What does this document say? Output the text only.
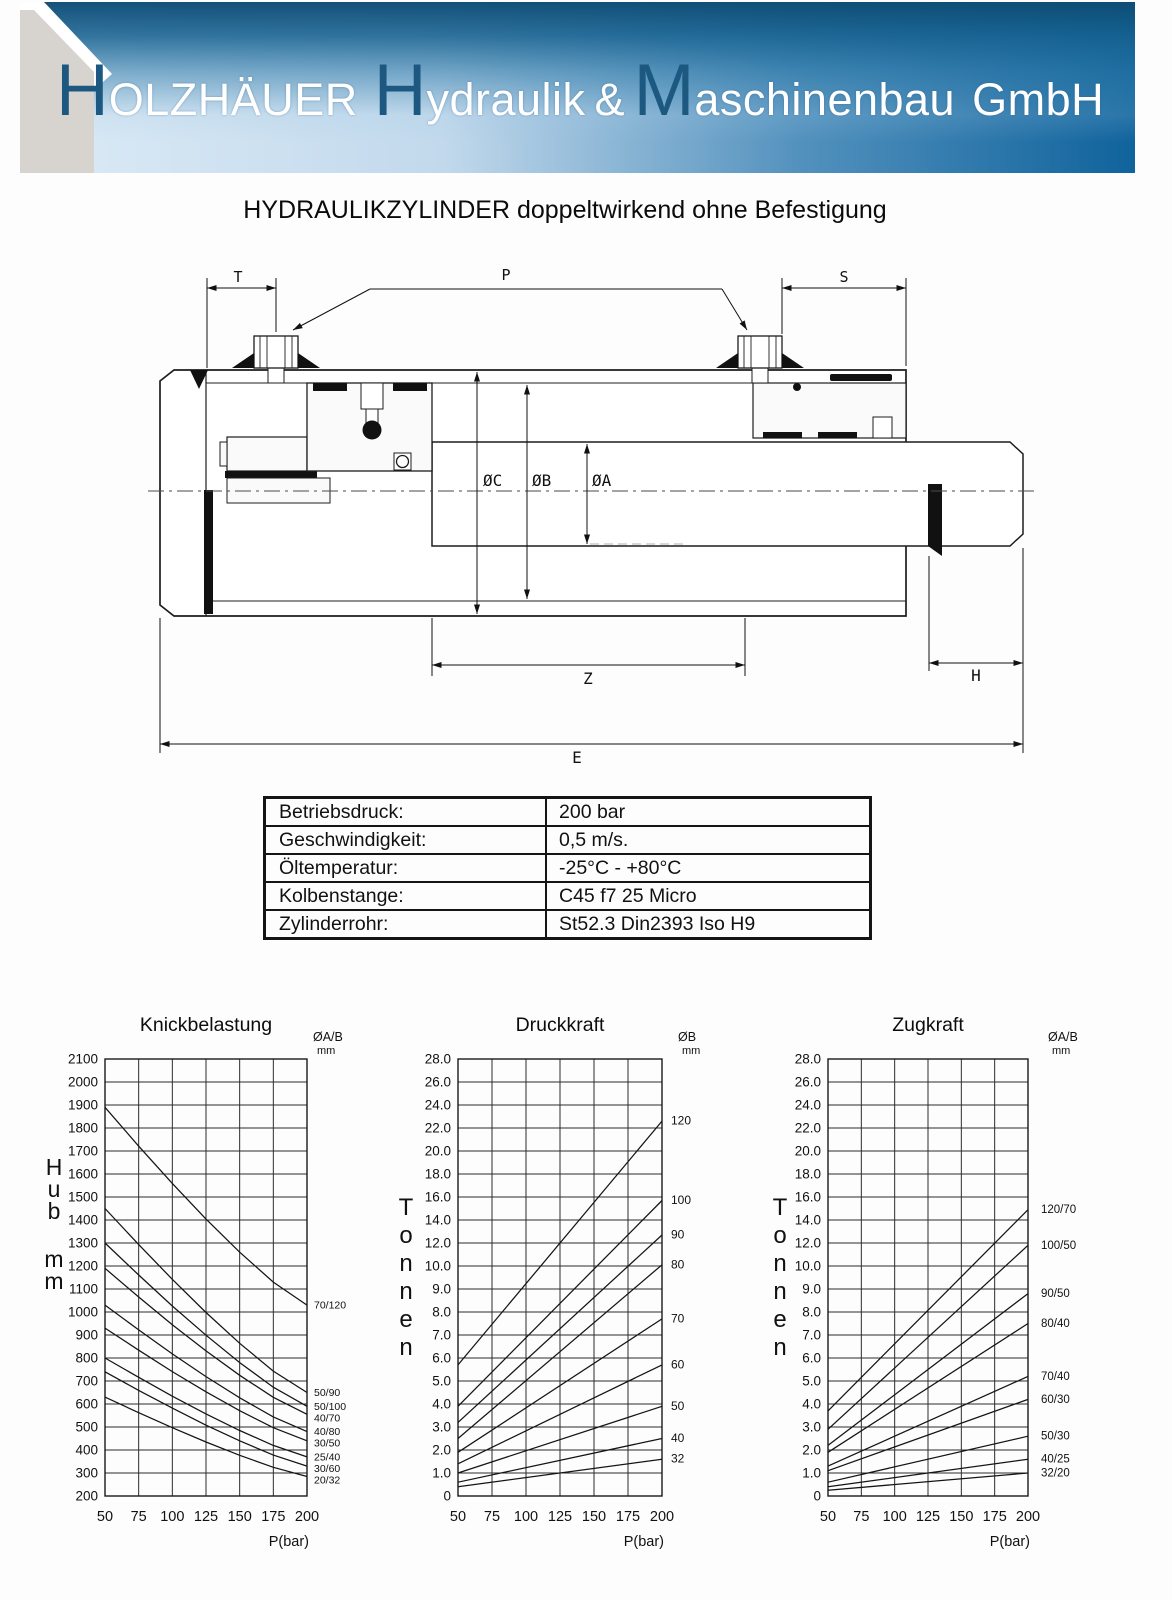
H OLZHÄUER H ydraulik & M aschinenbau GmbH
HYDRAULIKZYLINDER doppeltwirkend ohne Befestigung
T	P	S
ØC ØB	ØA
Z	H
E
Betriebsdruck:	200 bar
Geschwindigkeit:	0,5 m/s.
Öltemperatur:	-25°C - +80°C
Kolbenstange:	C45 f7 25 Micro
Zylinderrohr:	St52.3 Din2393 Iso H9
50 75 100 125 150 175 200
200
300
400
500
600
700
800
900
1000
1100
1200
1300
1400
1500
1600
1700
1800
1900
2000
2100
70/120
50/90
50/100
40/70
40/80
30/50
25/40
30/60
20/32
Knickbelastung
ØA/B
mm
H
u
b
m
m
P(bar)
50 75 100 125 150 175 200
0
1.0
2.0
3.0
4.0
5.0
6.0
7.0
8.0
9.0
10.0
12.0
14.0
16.0
18.0
20.0
22.0
24.0
26.0
28.0
120
100
90
80
70
60
50
40
32
Druckkraft
ØB
mm
T
o
n
n
e
n
P(bar)
50 75 100 125 150 175 200
0
1.0
2.0
3.0
4.0
5.0
6.0
7.0
8.0
9.0
10.0
12.0
14.0
16.0
18.0
20.0
22.0
24.0
26.0
28.0
120/70
100/50
90/50
80/40
70/40
60/30
50/30
40/25
32/20
Zugkraft
ØA/B
mm
T
o
n
n
e
n
P(bar)
